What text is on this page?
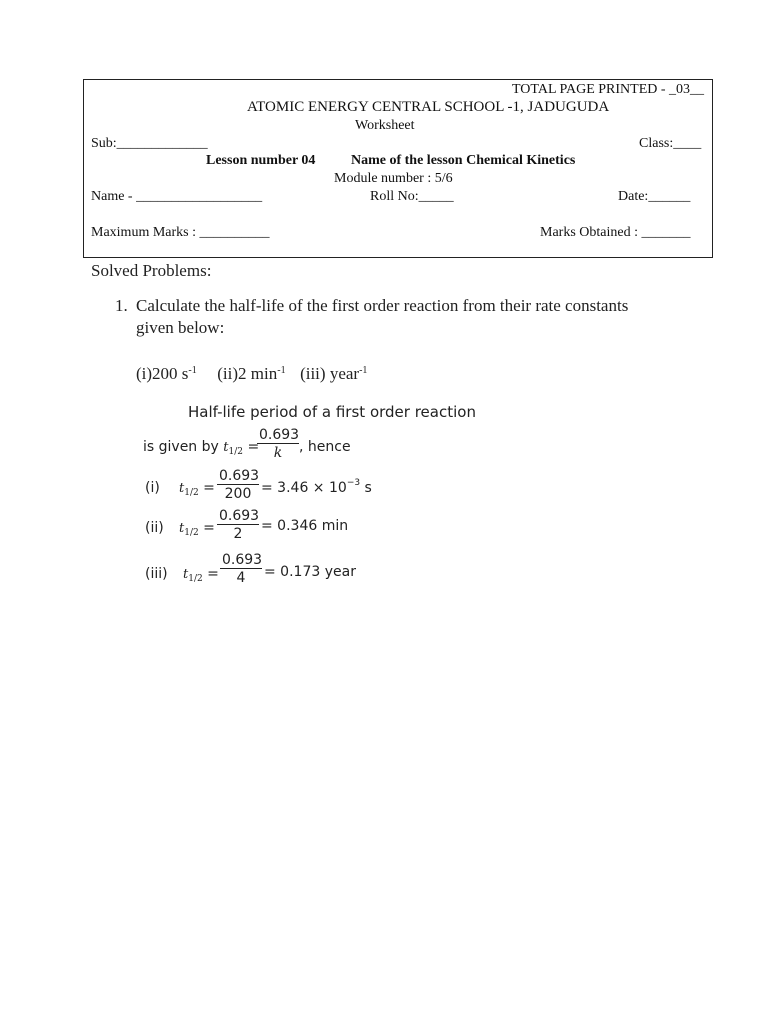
TOTAL PAGE PRINTED - _03__
ATOMIC ENERGY CENTRAL SCHOOL -1, JADUGUDA
Worksheet
Sub:_____________	Class:____
Lesson number 04	Name of the lesson Chemical Kinetics
Module number : 5/6
Name - __________________	Roll No:_____	Date:______
Maximum Marks : __________	Marks Obtained : _______
Solved Problems:
1. Calculate the half-life of the first order reaction from their rate constants
given below:
(i)200 $s^{-1}$ (ii)2 $\min^{-1} (iii)$ year$^{-1}$
Half-life period of a first order reaction
is given by $t_{1/2}$ =
$\frac{0.693}{k}$ , hence
(i) $t_{1/2} = \frac{0.693}{200} = 3.46 \times 10^{-3}$ s
(ii) $t_{1/2} = \frac{0.693}{2} = 0.346$ min
(iii) $t_{1/2} = \frac{0.693}{4} = 0.173$ year
